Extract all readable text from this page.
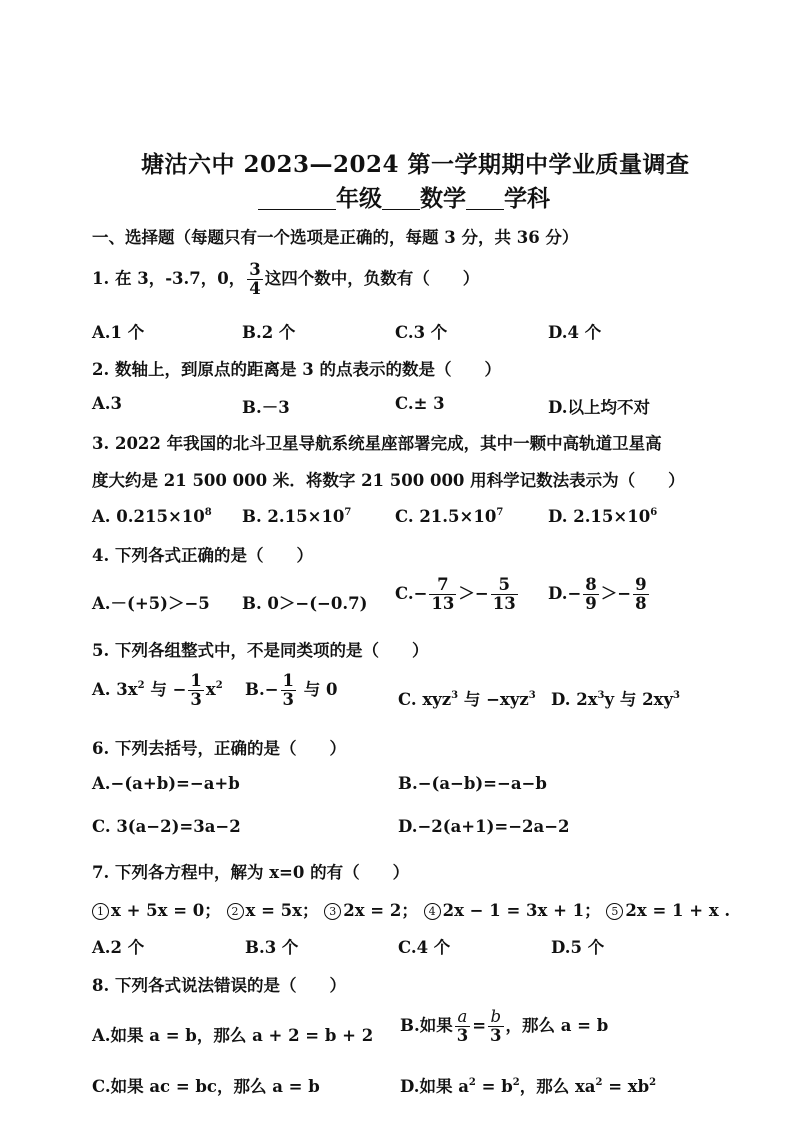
塘沽六中 2023—2024 第一学期期中学业质量调查
年级 数学 学科
一、选择题（每题只有一个选项是正确的，每题 3 分，共 36 分）
1. 在 3，-3.7，0， $\frac{3}{4}$ 这四个数中，负数有（　　）
A.1 个	B.2 个	C.3 个	D.4 个
2. 数轴上，到原点的距离是 3 的点表示的数是（　　）
A.3	B.－3	C.± 3	D.以上均不对
3. 2022 年我国的北斗卫星导航系统星座部署完成，其中一颗中高轨道卫星高
度大约是 21 500 000 米．将数字 21 500 000 用科学记数法表示为（　　）
A. $0.215\times 10^8$ B. $2.15\times 10^7$	C. $21.5\times 10^7$	D. $2.15\times 10^6$
4. 下列各式正确的是（　　）
A.－(+5)＞−5 B. 0＞−(−0.7)
$C.- \frac{7}{13} >- \frac{5}{13} D.- \frac{8}{9} >- \frac{9}{8}$
5. 下列各组整式中，不是同类项的是（　　）
A. $3x^2$ 与 − $\frac{1}{3} x^2$ $B.- \frac{1}{3}$ 与 0
C. xyz$^3$ 与 −xyz$^3$ D. $2x^3y$ 与 $2xy^3$
6. 下列去括号，正确的是（　　）
A.−(a+b)=−a+b	B.−(a−b)=−a−b
C. 3(a−2)=3a−2	D.−2(a+1)=−2a−2
7. 下列各方程中，解为 x=0 的有（　　）
1 x + 5x = 0； 2 x = 5x； 3 2x = 2； 4 2x − 1 = 3x + 1； 5 2x = 1 + x .
A.2 个	B.3 个	C.4 个	D.5 个
8. 下列各式说法错误的是（　　）
A.如果 a = b，那么 a + 2 = b + 2
B.如果 $\frac{a}{3} = \frac{b}{3}$ ，那么 a = b
C.如果 ac = bc，那么 a = b	D.如果 $a^2 = b^2$，那么 $xa^2 = xb^2$
